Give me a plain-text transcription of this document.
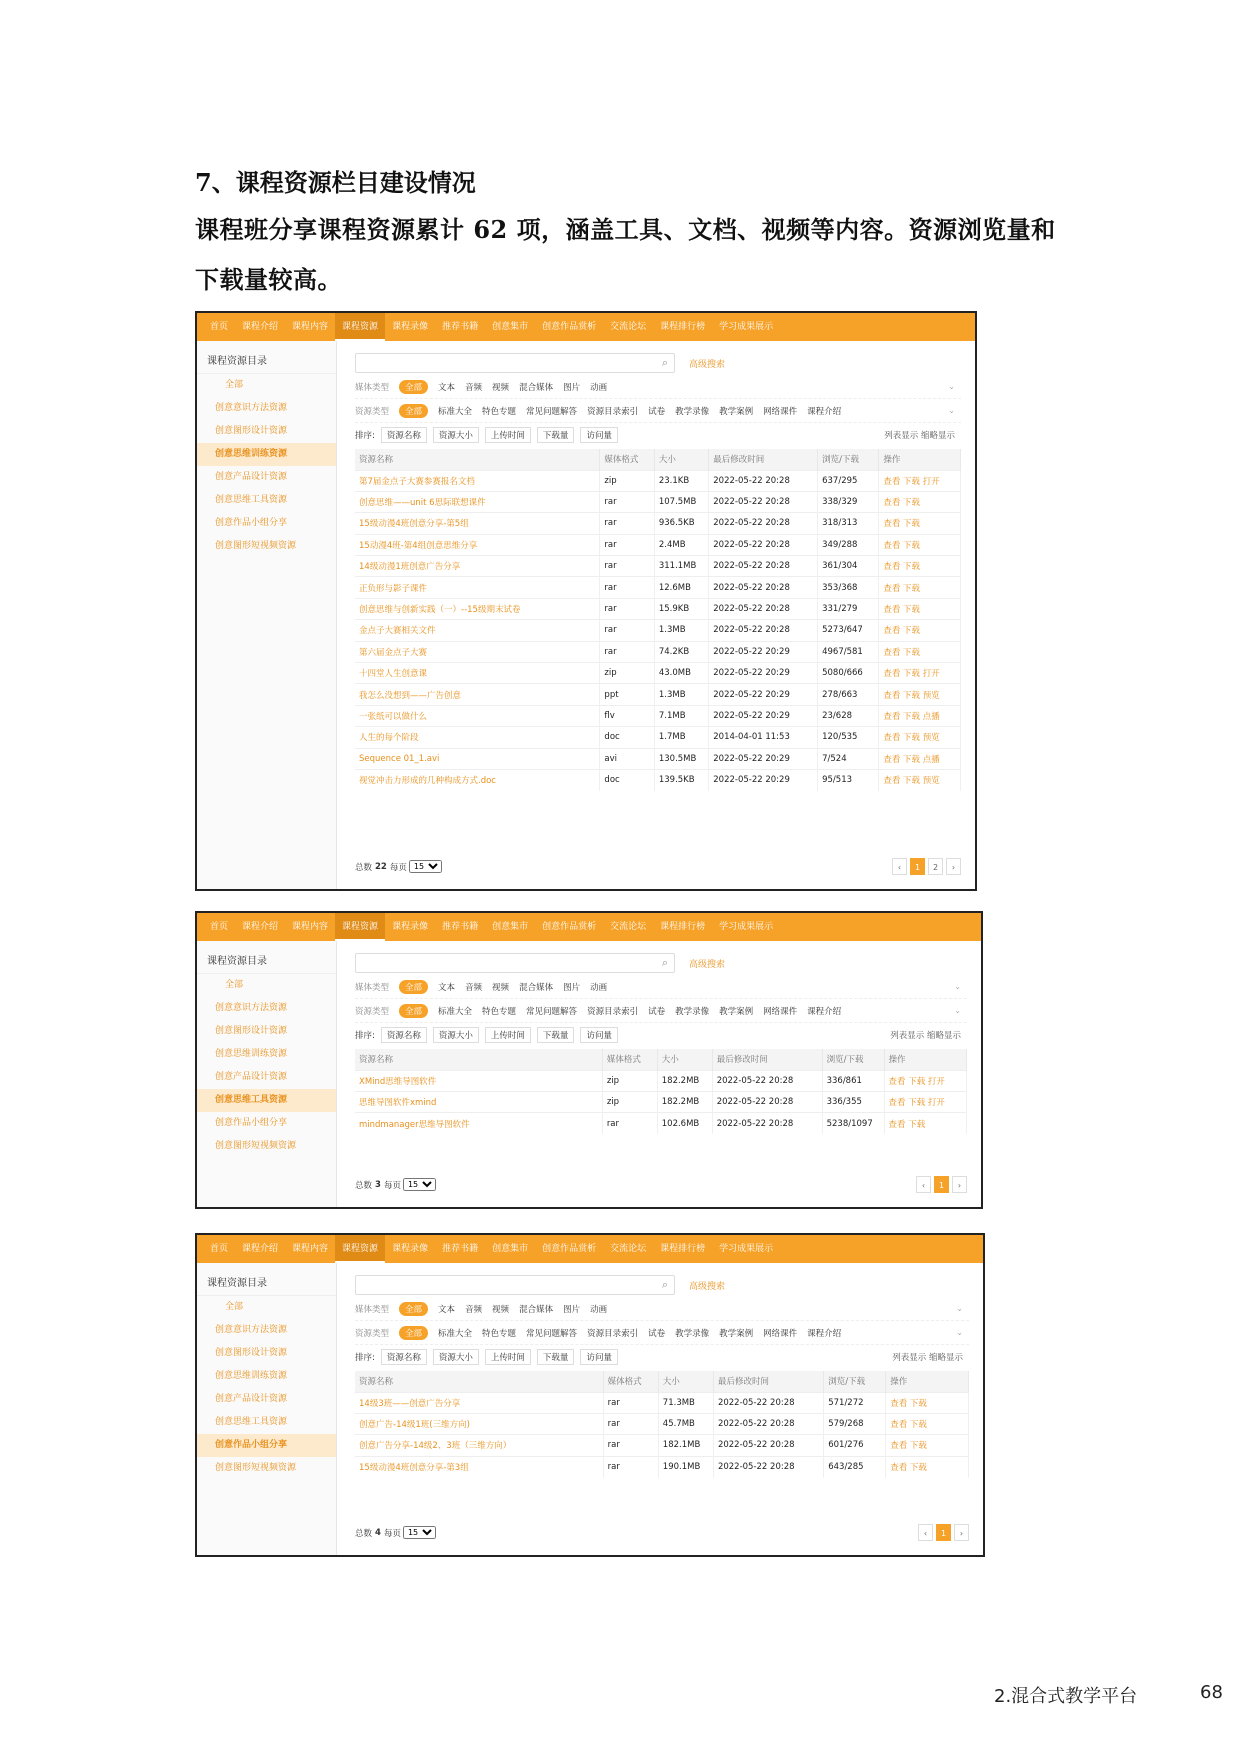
7、课程资源栏目建设情况
课程班分享课程资源累计 62 项，涵盖工具、文档、视频等内容。资源浏览量和
下载量较高。
首页	课程介绍	课程内容	课程资源	课程录像	推荐书籍	创意集市	创意作品赏析	交流论坛	课程排行榜	学习成果展示
课程资源目录
全部
创意意识方法资源
创意图形设计资源
创意思维训练资源
创意产品设计资源
创意思维工具资源
创意作品小组分享
创意图形短视频资源
⌕ 高级搜索
媒体类型	全部	文本 音频 视频 混合媒体 图片 动画	⌄
资源类型	全部	标准大全 特色专题 常见问题解答 资源目录索引 试卷 教学录像 教学案例 网络课件 课程介绍	⌄
排序:	资源名称	资源大小	上传时间	下载量	访问量	列表显示 缩略显示
资源名称	媒体格式	大小	最后修改时间	浏览/下载	操作
第7届金点子大赛参赛报名文档	zip	23.1KB	2022-05-22 20:28	637/295	查看 下载 打开
创意思维——unit 6思际联想课件	rar	107.5MB	2022-05-22 20:28	338/329	查看 下载
15级动漫4班创意分享-第5组	rar	936.5KB	2022-05-22 20:28	318/313	查看 下载
15动漫4班-第4组创意思维分享	rar	2.4MB	2022-05-22 20:28	349/288	查看 下载
14级动漫1班创意广告分享	rar	311.1MB	2022-05-22 20:28	361/304	查看 下载
正负形与影子课件	rar	12.6MB	2022-05-22 20:28	353/368	查看 下载
创意思维与创新实践（一）--15级期末试卷	rar	15.9KB	2022-05-22 20:28	331/279	查看 下载
金点子大赛相关文件	rar	1.3MB	2022-05-22 20:28	5273/647	查看 下载
第六届金点子大赛	rar	74.2KB	2022-05-22 20:29	4967/581	查看 下载
十四堂人生创意课	zip	43.0MB	2022-05-22 20:29	5080/666	查看 下载 打开
我怎么没想到——广告创意	ppt	1.3MB	2022-05-22 20:29	278/663	查看 下载 预览
一张纸可以做什么	flv	7.1MB	2022-05-22 20:29	23/628	查看 下载 点播
人生的每个阶段	doc	1.7MB	2014-04-01 11:53	120/535	查看 下载 预览
Sequence 01_1.avi	avi	130.5MB	2022-05-22 20:29	7/524	查看 下载 点播
视觉冲击力形成的几种构成方式.doc	doc	139.5KB	2022-05-22 20:29	95/513	查看 下载 预览
总数 22 每页
15	‹	1	2	›
首页	课程介绍	课程内容	课程资源	课程录像	推荐书籍	创意集市	创意作品赏析	交流论坛	课程排行榜	学习成果展示
课程资源目录
全部
创意意识方法资源
创意图形设计资源
创意思维训练资源
创意产品设计资源
创意思维工具资源
创意作品小组分享
创意图形短视频资源
⌕ 高级搜索
媒体类型	全部	文本 音频 视频 混合媒体 图片 动画	⌄
资源类型	全部	标准大全 特色专题 常见问题解答 资源目录索引 试卷 教学录像 教学案例 网络课件 课程介绍	⌄
排序:	资源名称	资源大小	上传时间	下载量	访问量	列表显示 缩略显示
资源名称	媒体格式	大小	最后修改时间	浏览/下载	操作
XMind思维导图软件	zip	182.2MB	2022-05-22 20:28	336/861	查看 下载 打开
思维导图软件xmind	zip	182.2MB	2022-05-22 20:28	336/355	查看 下载 打开
mindmanager思维导图软件	rar	102.6MB	2022-05-22 20:28	5238/1097	查看 下载
总数 3 每页
15	‹	1	›
首页	课程介绍	课程内容	课程资源	课程录像	推荐书籍	创意集市	创意作品赏析	交流论坛	课程排行榜	学习成果展示
课程资源目录
全部
创意意识方法资源
创意图形设计资源
创意思维训练资源
创意产品设计资源
创意思维工具资源
创意作品小组分享
创意图形短视频资源
⌕ 高级搜索
媒体类型	全部	文本 音频 视频 混合媒体 图片 动画	⌄
资源类型	全部	标准大全 特色专题 常见问题解答 资源目录索引 试卷 教学录像 教学案例 网络课件 课程介绍	⌄
排序:	资源名称	资源大小	上传时间	下载量	访问量	列表显示 缩略显示
资源名称	媒体格式	大小	最后修改时间	浏览/下载	操作
14级3班——创意广告分享	rar	71.3MB	2022-05-22 20:28	571/272	查看 下载
创意广告-14级1班(三维方向)	rar	45.7MB	2022-05-22 20:28	579/268	查看 下载
创意广告分享-14级2、3班（三维方向）	rar	182.1MB	2022-05-22 20:28	601/276	查看 下载
15级动漫4班创意分享-第3组	rar	190.1MB	2022-05-22 20:28	643/285	查看 下载
总数 4 每页
15	‹	1	›
2.混合式教学平台	68
